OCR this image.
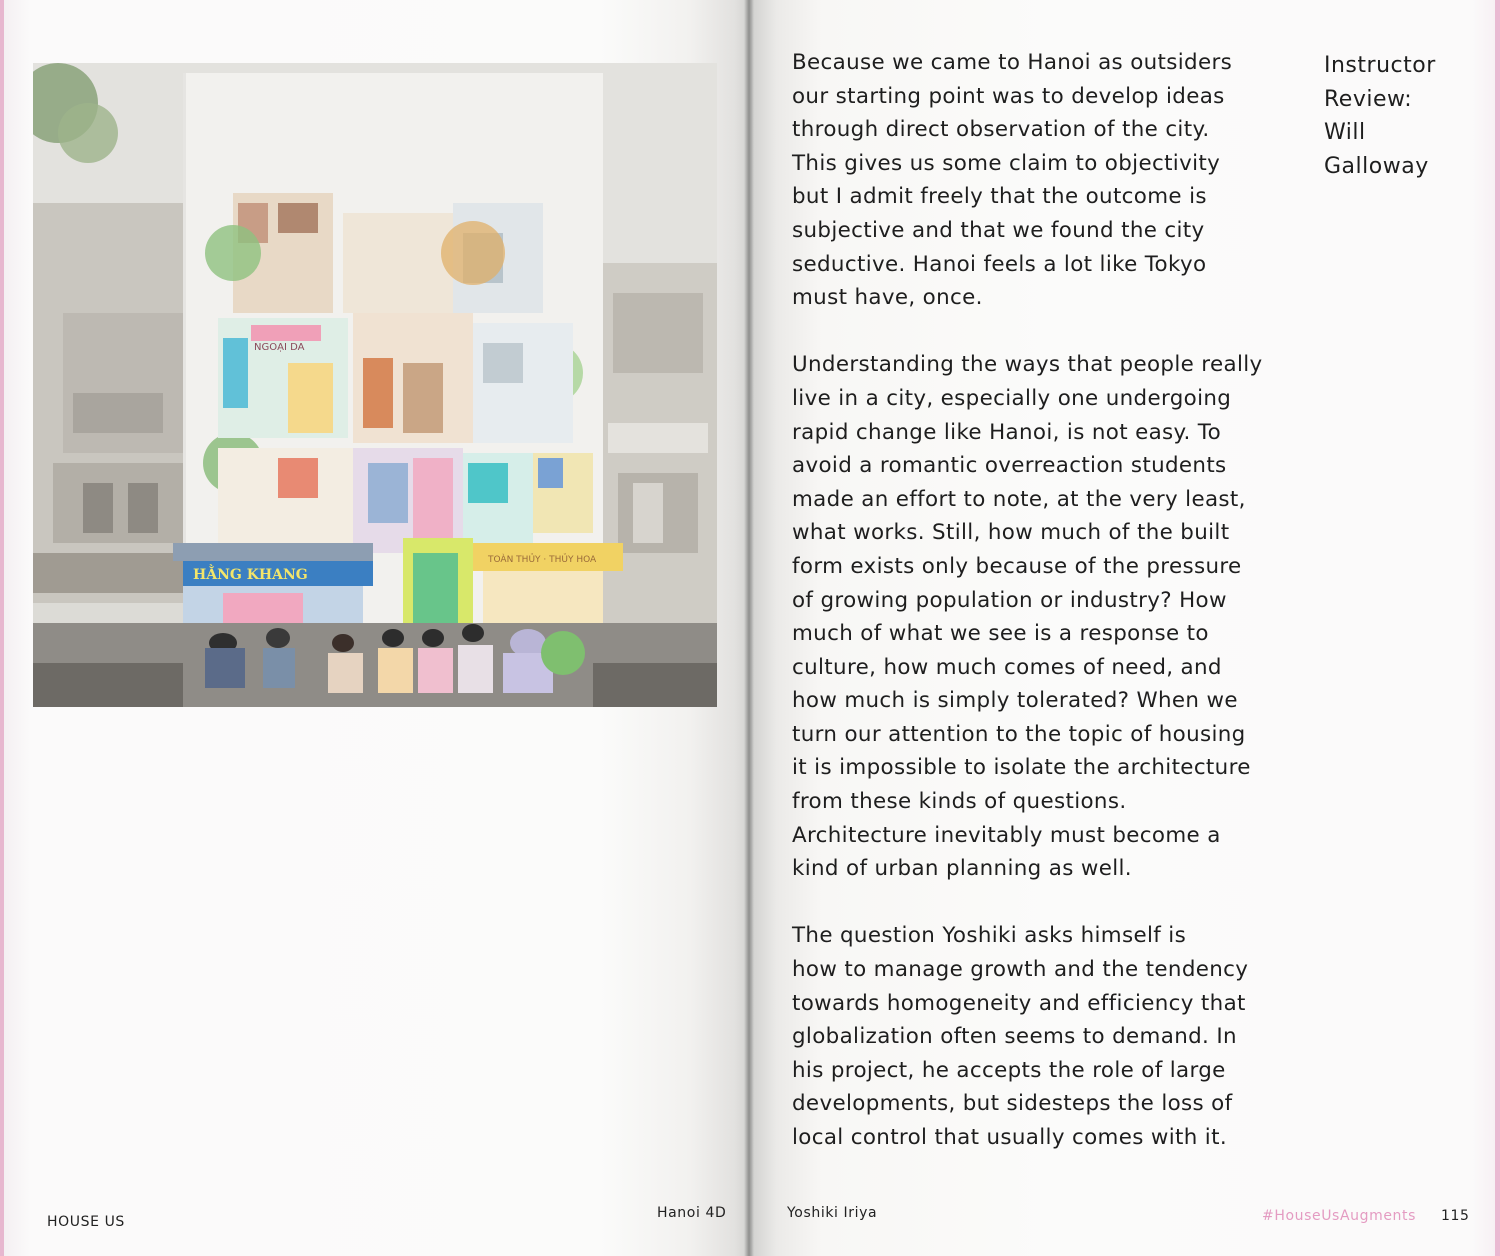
NGOẠI DA
HẰNG KHANG
TOÀN THỦY · THỦY HOA

Because we came to Hanoi as outsiders
our starting point was to develop ideas
through direct observation of the city.
This gives us some claim to objectivity
but I admit freely that the outcome is
subjective and that we found the city
seductive. Hanoi feels a lot like Tokyo
must have, once.

Understanding the ways that people really
live in a city, especially one undergoing
rapid change like Hanoi, is not easy. To
avoid a romantic overreaction students
made an effort to note, at the very least,
what works. Still, how much of the built
form exists only because of the pressure
of growing population or industry? How
much of what we see is a response to
culture, how much comes of need, and
how much is simply tolerated? When we
turn our attention to the topic of housing
it is impossible to isolate the architecture
from these kinds of questions.
Architecture inevitably must become a
kind of urban planning as well.

The question Yoshiki asks himself is
how to manage growth and the tendency
towards homogeneity and efficiency that
globalization often seems to demand. In
his project, he accepts the role of large
developments, but sidesteps the loss of
local control that usually comes with it.

Instructor
Review:
Will
Galloway
HOUSE US
Hanoi 4D	Yoshiki Iriya	#HouseUsAugments 115
